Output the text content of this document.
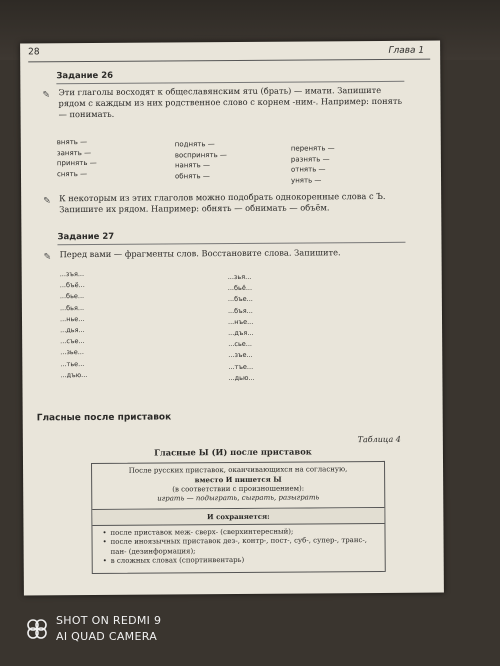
28	Глава 1
Задание 26
✎ Эти глаголы восходят к общеславянским ятu (брать) — имати. Запишите рядом с каждым из них родственное слово с корнем -ним-. Например: понять — понимать.
внять —
занять —
принять —
снять —
поднять —
воспринять —
нанять —
обнять —
перенять —
разнять —
отнять —
унять —
✎ К некоторым из этих глаголов можно подобрать однокоренные слова с Ъ. Запишите их рядом. Например: обнять — обнимать — объём.
Задание 27
✎ Перед вами — фрагменты слов. Восстановите слова. Запишите.
...зъя...
...бъё...
...бье...
...бья...
...нье...
...дья...
...съе...
...зье...
...тье...
...дъю...
...зья...
...бьё...
...бъе...
...бъя...
...нъе...
...дъя...
...сье...
...зъе...
...тъе...
...дью...
Гласные после приставок
Таблица 4
Гласные Ы (И) после приставок
После русских приставок, оканчивающихся на согласную,
вместо И пишется Ы
(в соответствии с произношением):
играть — подыграть, сыграть, разыграть
И сохраняется:
• после приставок меж- сверх- (сверхинтересный);
• после иноязычных приставок дез-, контр-, пост-, суб-, супер-, транс-, пан- (дезинформация);
• в сложных словах (спортинвентарь)
SHOT ON REDMI 9
AI QUAD CAMERA
